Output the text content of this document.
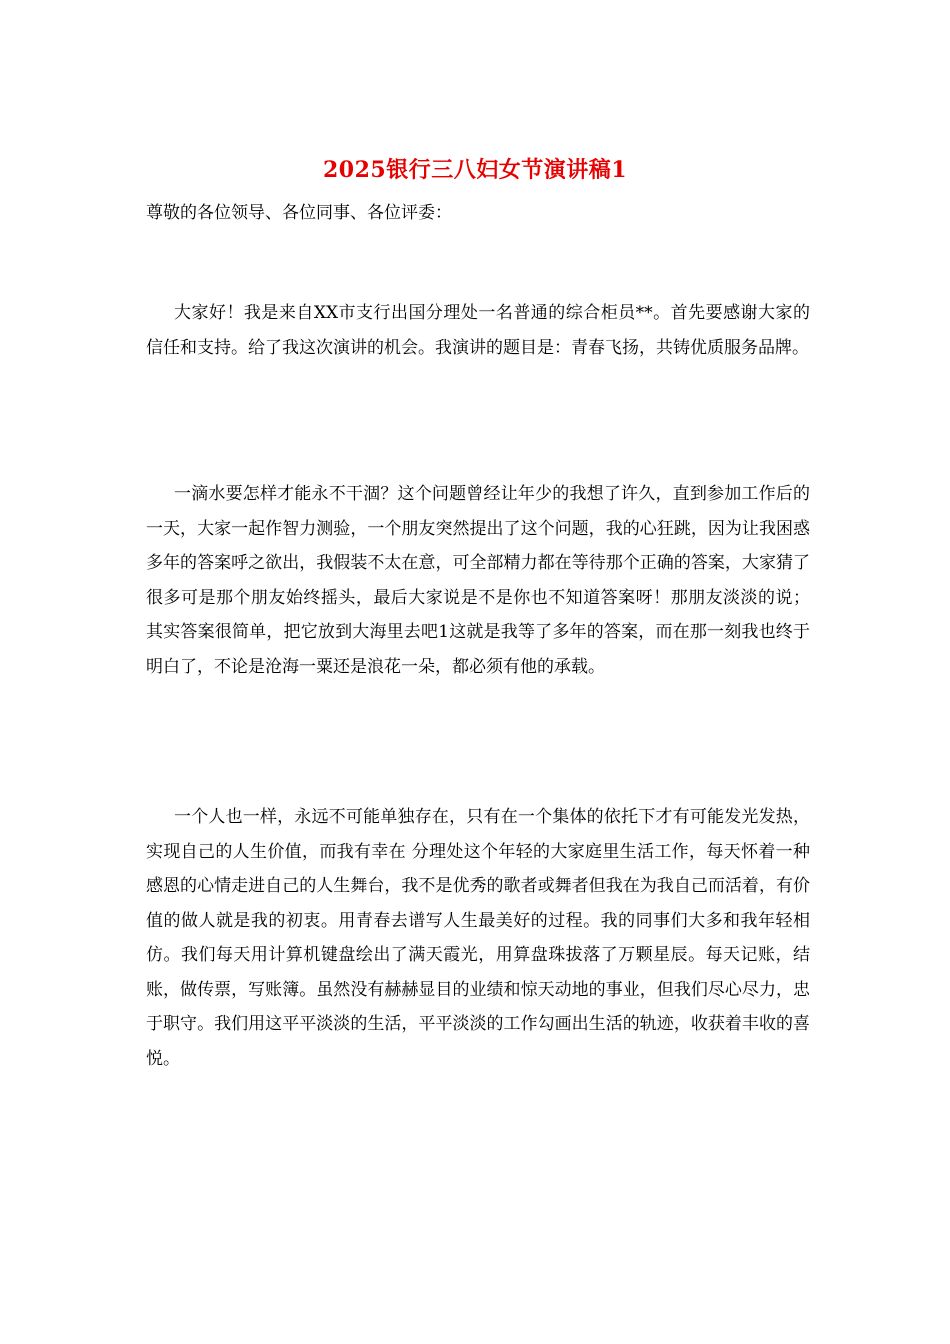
2025银行三八妇女节演讲稿1

尊敬的各位领导、各位同事、各位评委：

大家好！我是来自XX市支行出国分理处一名普通的综合柜员**。首先要感谢大家的信任和支持。给了我这次演讲的机会。我演讲的题目是：青春飞扬，共铸优质服务品牌。

一滴水要怎样才能永不干涸？这个问题曾经让年少的我想了许久，直到参加工作后的一天，大家一起作智力测验，一个朋友突然提出了这个问题，我的心狂跳，因为让我困惑多年的答案呼之欲出，我假装不太在意，可全部精力都在等待那个正确的答案，大家猜了很多可是那个朋友始终摇头，最后大家说是不是你也不知道答案呀！那朋友淡淡的说； 其实答案很简单，把它放到大海里去吧1这就是我等了多年的答案，而在那一刻我也终于明白了，不论是沧海一粟还是浪花一朵，都必须有他的承载。

一个人也一样，永远不可能单独存在，只有在一个集体的依托下才有可能发光发热，实现自己的人生价值，而我有幸在 分理处这个年轻的大家庭里生活工作，每天怀着一种感恩的心情走进自己的人生舞台，我不是优秀的歌者或舞者但我在为我自己而活着，有价值的做人就是我的初衷。用青春去谱写人生最美好的过程。我的同事们大多和我年轻相仿。我们每天用计算机键盘绘出了满天霞光，用算盘珠拔落了万颗星辰。每天记账，结账，做传票，写账簿。虽然没有赫赫显目的业绩和惊天动地的事业，但我们尽心尽力，忠于职守。我们用这平平淡淡的生活，平平淡淡的工作勾画出生活的轨迹，收获着丰收的喜悦。
